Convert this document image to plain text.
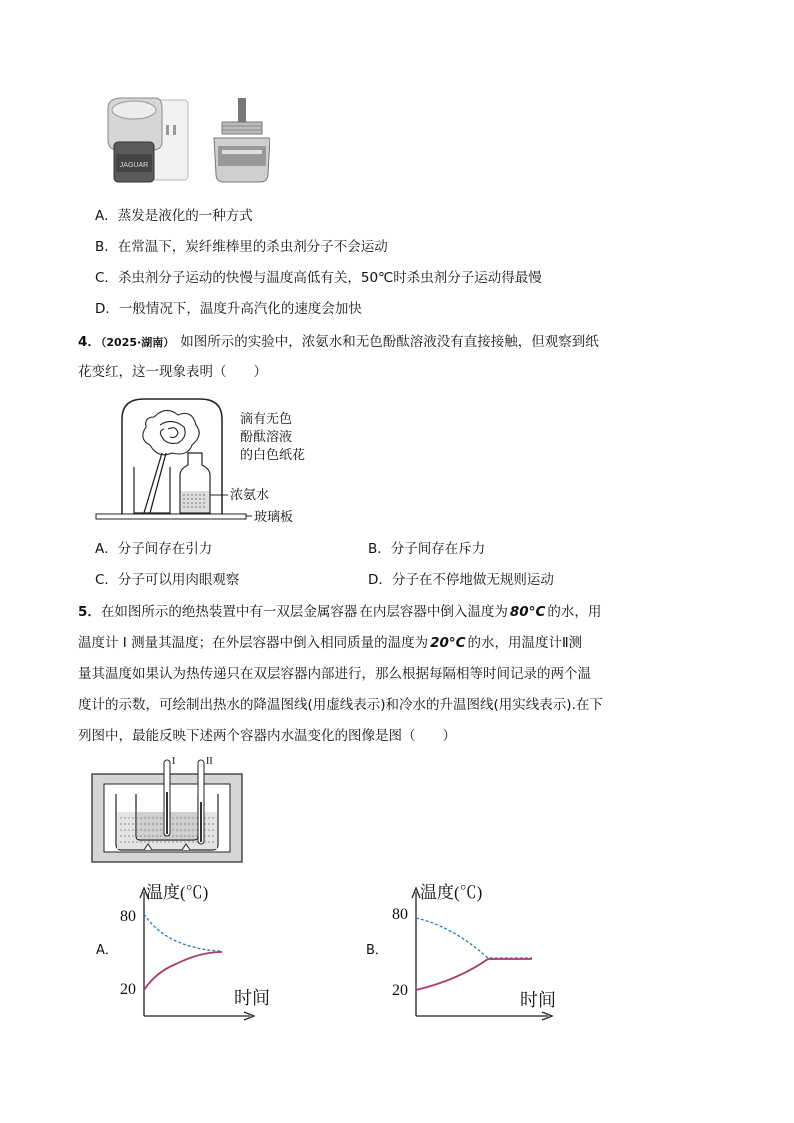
JAGUAR
A．蒸发是液化的一种方式
B．在常温下，炭纤维棒里的杀虫剂分子不会运动
C．杀虫剂分子运动的快慢与温度高低有关，50℃时杀虫剂分子运动得最慢
D．一般情况下，温度升高汽化的速度会加快
4．（2025·湖南） 如图所示的实验中，浓氨水和无色酚酞溶液没有直接接触，但观察到纸
花变红，这一现象表明（　　）
滴有无色
酚酞溶液
的白色纸花
浓氨水
玻璃板
A．分子间存在引力	B．分子间存在斥力
C．分子可以用肉眼观察	D．分子在不停地做无规则运动
5．在如图所示的绝热装置中有一双层金属容器 在内层容器中倒入温度为 80°C 的水，用
温度计 I 测量其温度；在外层容器中倒入相同质量的温度为 20°C 的水，用温度计Ⅱ测
量其温度如果认为热传递只在双层容器内部进行，那么根据每隔相等时间记录的两个温
度计的示数，可绘制出热水的降温图线(用虚线表示)和冷水的升温图线(用实线表示).在下
列图中，最能反映下述两个容器内水温变化的图像是图（　　）
I	II
A．
温度(℃)
80
20	时间
B．
温度(℃)
80
20	时间
